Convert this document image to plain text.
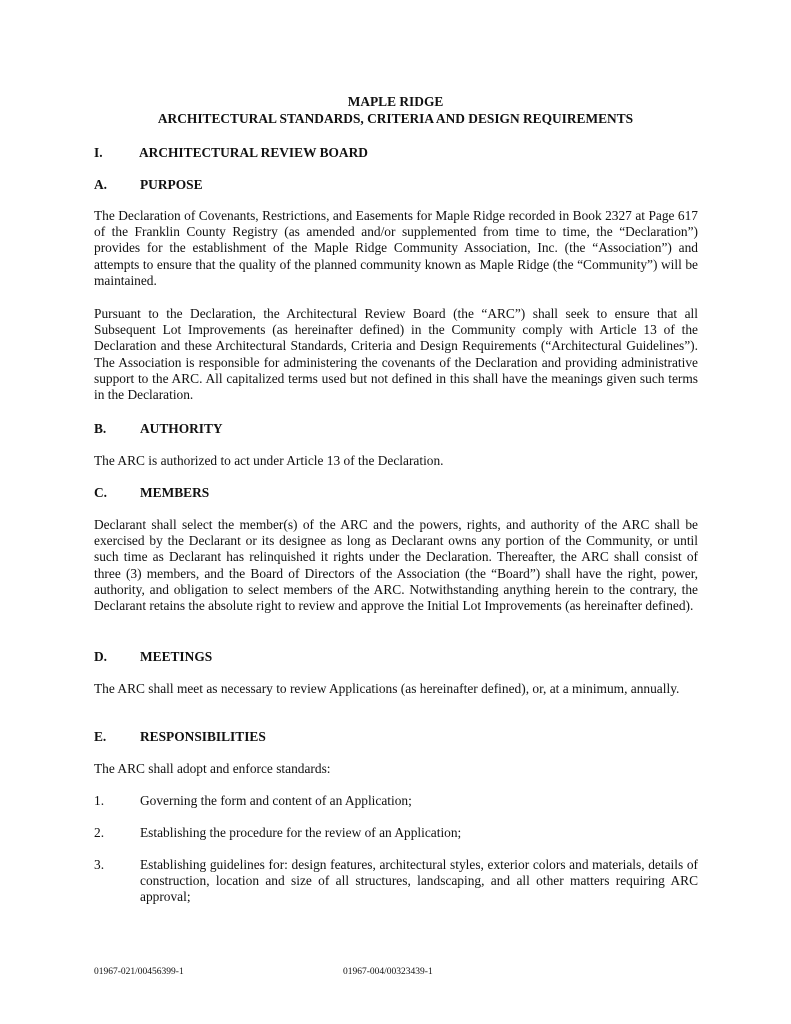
MAPLE RIDGE
ARCHITECTURAL STANDARDS, CRITERIA AND DESIGN REQUIREMENTS
I.	ARCHITECTURAL REVIEW BOARD
A. PURPOSE
The Declaration of Covenants, Restrictions, and Easements for Maple Ridge recorded in Book 2327 at Page 617 of the Franklin County Registry (as amended and/or supplemented from time to time, the “Declaration”) provides for the establishment of the Maple Ridge Community Association, Inc. (the “Association”) and attempts to ensure that the quality of the planned community known as Maple Ridge (the “Community”) will be maintained.
Pursuant to the Declaration, the Architectural Review Board (the “ARC”) shall seek to ensure that all Subsequent Lot Improvements (as hereinafter defined) in the Community comply with Article 13 of the Declaration and these Architectural Standards, Criteria and Design Requirements (“Architectural Guidelines”). The Association is responsible for administering the covenants of the Declaration and providing administrative support to the ARC. All capitalized terms used but not defined in this shall have the meanings given such terms in the Declaration.
B.	AUTHORITY
The ARC is authorized to act under Article 13 of the Declaration.
C. MEMBERS
Declarant shall select the member(s) of the ARC and the powers, rights, and authority of the ARC shall be exercised by the Declarant or its designee as long as Declarant owns any portion of the Community, or until such time as Declarant has relinquished it rights under the Declaration. Thereafter, the ARC shall consist of three (3) members, and the Board of Directors of the Association (the “Board”) shall have the right, power, authority, and obligation to select members of the ARC. Notwithstanding anything herein to the contrary, the Declarant retains the absolute right to review and approve the Initial Lot Improvements (as hereinafter defined).
D. MEETINGS
The ARC shall meet as necessary to review Applications (as hereinafter defined), or, at a minimum, annually.
E.	RESPONSIBILITIES
The ARC shall adopt and enforce standards:
1.	Governing the form and content of an Application;
2.	Establishing the procedure for the review of an Application;
3.	Establishing guidelines for: design features, architectural styles, exterior colors and materials, details of construction, location and size of all structures, landscaping, and all other matters requiring ARC approval;
01967-021/00456399-1	01967-004/00323439-1
